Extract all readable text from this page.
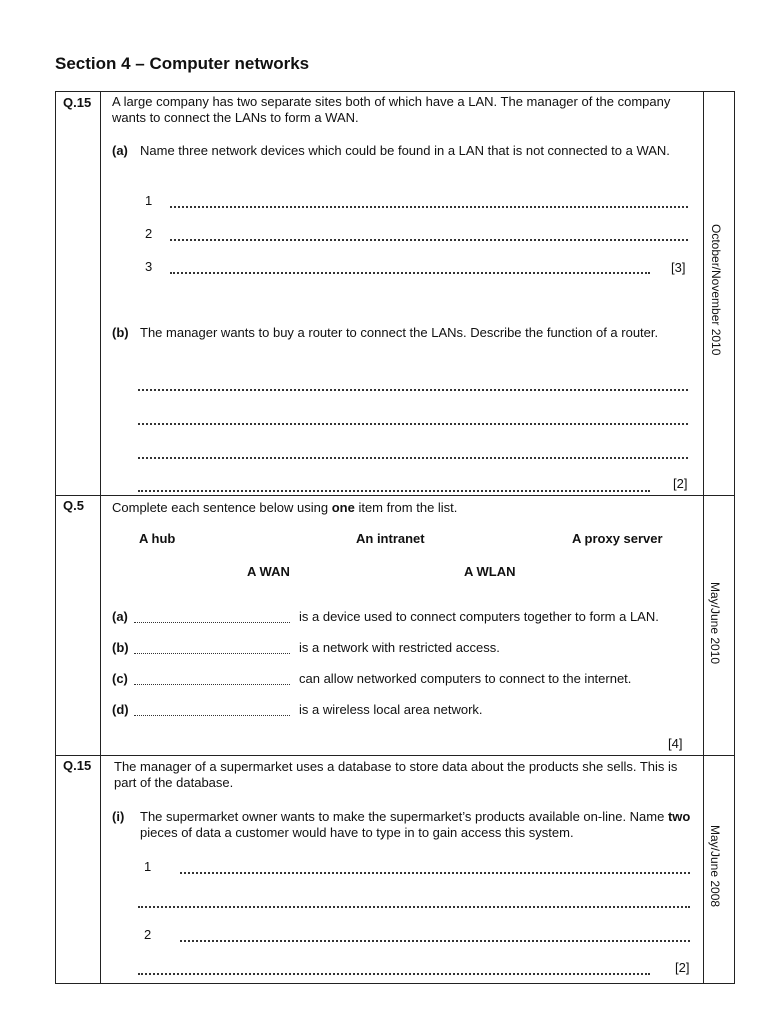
Section 4 – Computer networks
Q.15 A large company has two separate sites both of which have a LAN. The manager of the company wants to connect the LANs to form a WAN.
(a) Name three network devices which could be found in a LAN that is not connected to a WAN.
1
2
3	[3]
(b) The manager wants to buy a router to connect the LANs. Describe the function of a router.
[2]
October/November 2010
Q.5 Complete each sentence below using one item from the list.
A hub	An intranet	A proxy server
A WAN	A WLAN
(a)	is a device used to connect computers together to form a LAN.
(b)	is a network with restricted access.
(c)	can allow networked computers to connect to the internet.
(d)	is a wireless local area network.
[4]
May/June 2010
Q.15 The manager of a supermarket uses a database to store data about the products she sells. This is part of the database.
(i) The supermarket owner wants to make the supermarket’s products available on-line. Name two pieces of data a customer would have to type in to gain access this system.
1
2
[2]
May/June 2008
